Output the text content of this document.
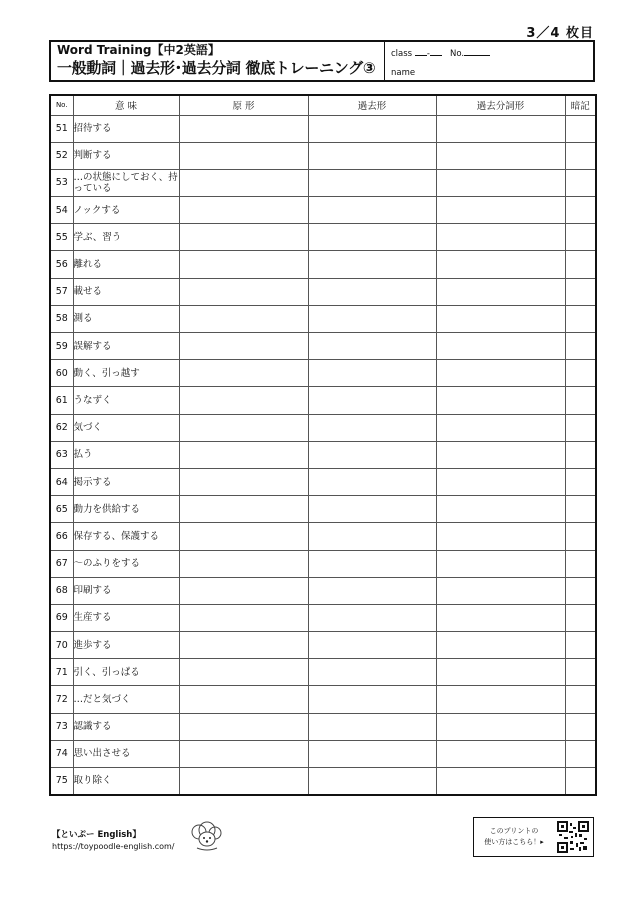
3／4 枚目
Word Training【中2英語】
一般動詞｜過去形･過去分詞 徹底トレーニング③
class - No.
name
No.	意 味	原 形	過去形	過去分詞形	暗記
51	招待する				
52	判断する				
53	…の状態にしておく、持っている				
54	ノックする				
55	学ぶ、習う				
56	離れる				
57	載せる				
58	測る				
59	誤解する				
60	動く、引っ越す				
61	うなずく				
62	気づく				
63	払う				
64	掲示する				
65	動力を供給する				
66	保存する、保護する				
67	～のふりをする				
68	印刷する				
69	生産する				
70	進歩する				
71	引く、引っぱる				
72	…だと気づく				
73	認識する				
74	思い出させる				
75	取り除く				
【といぷー English】
https://toypoodle-english.com/
このプリントの
使い方はこちら！▸
